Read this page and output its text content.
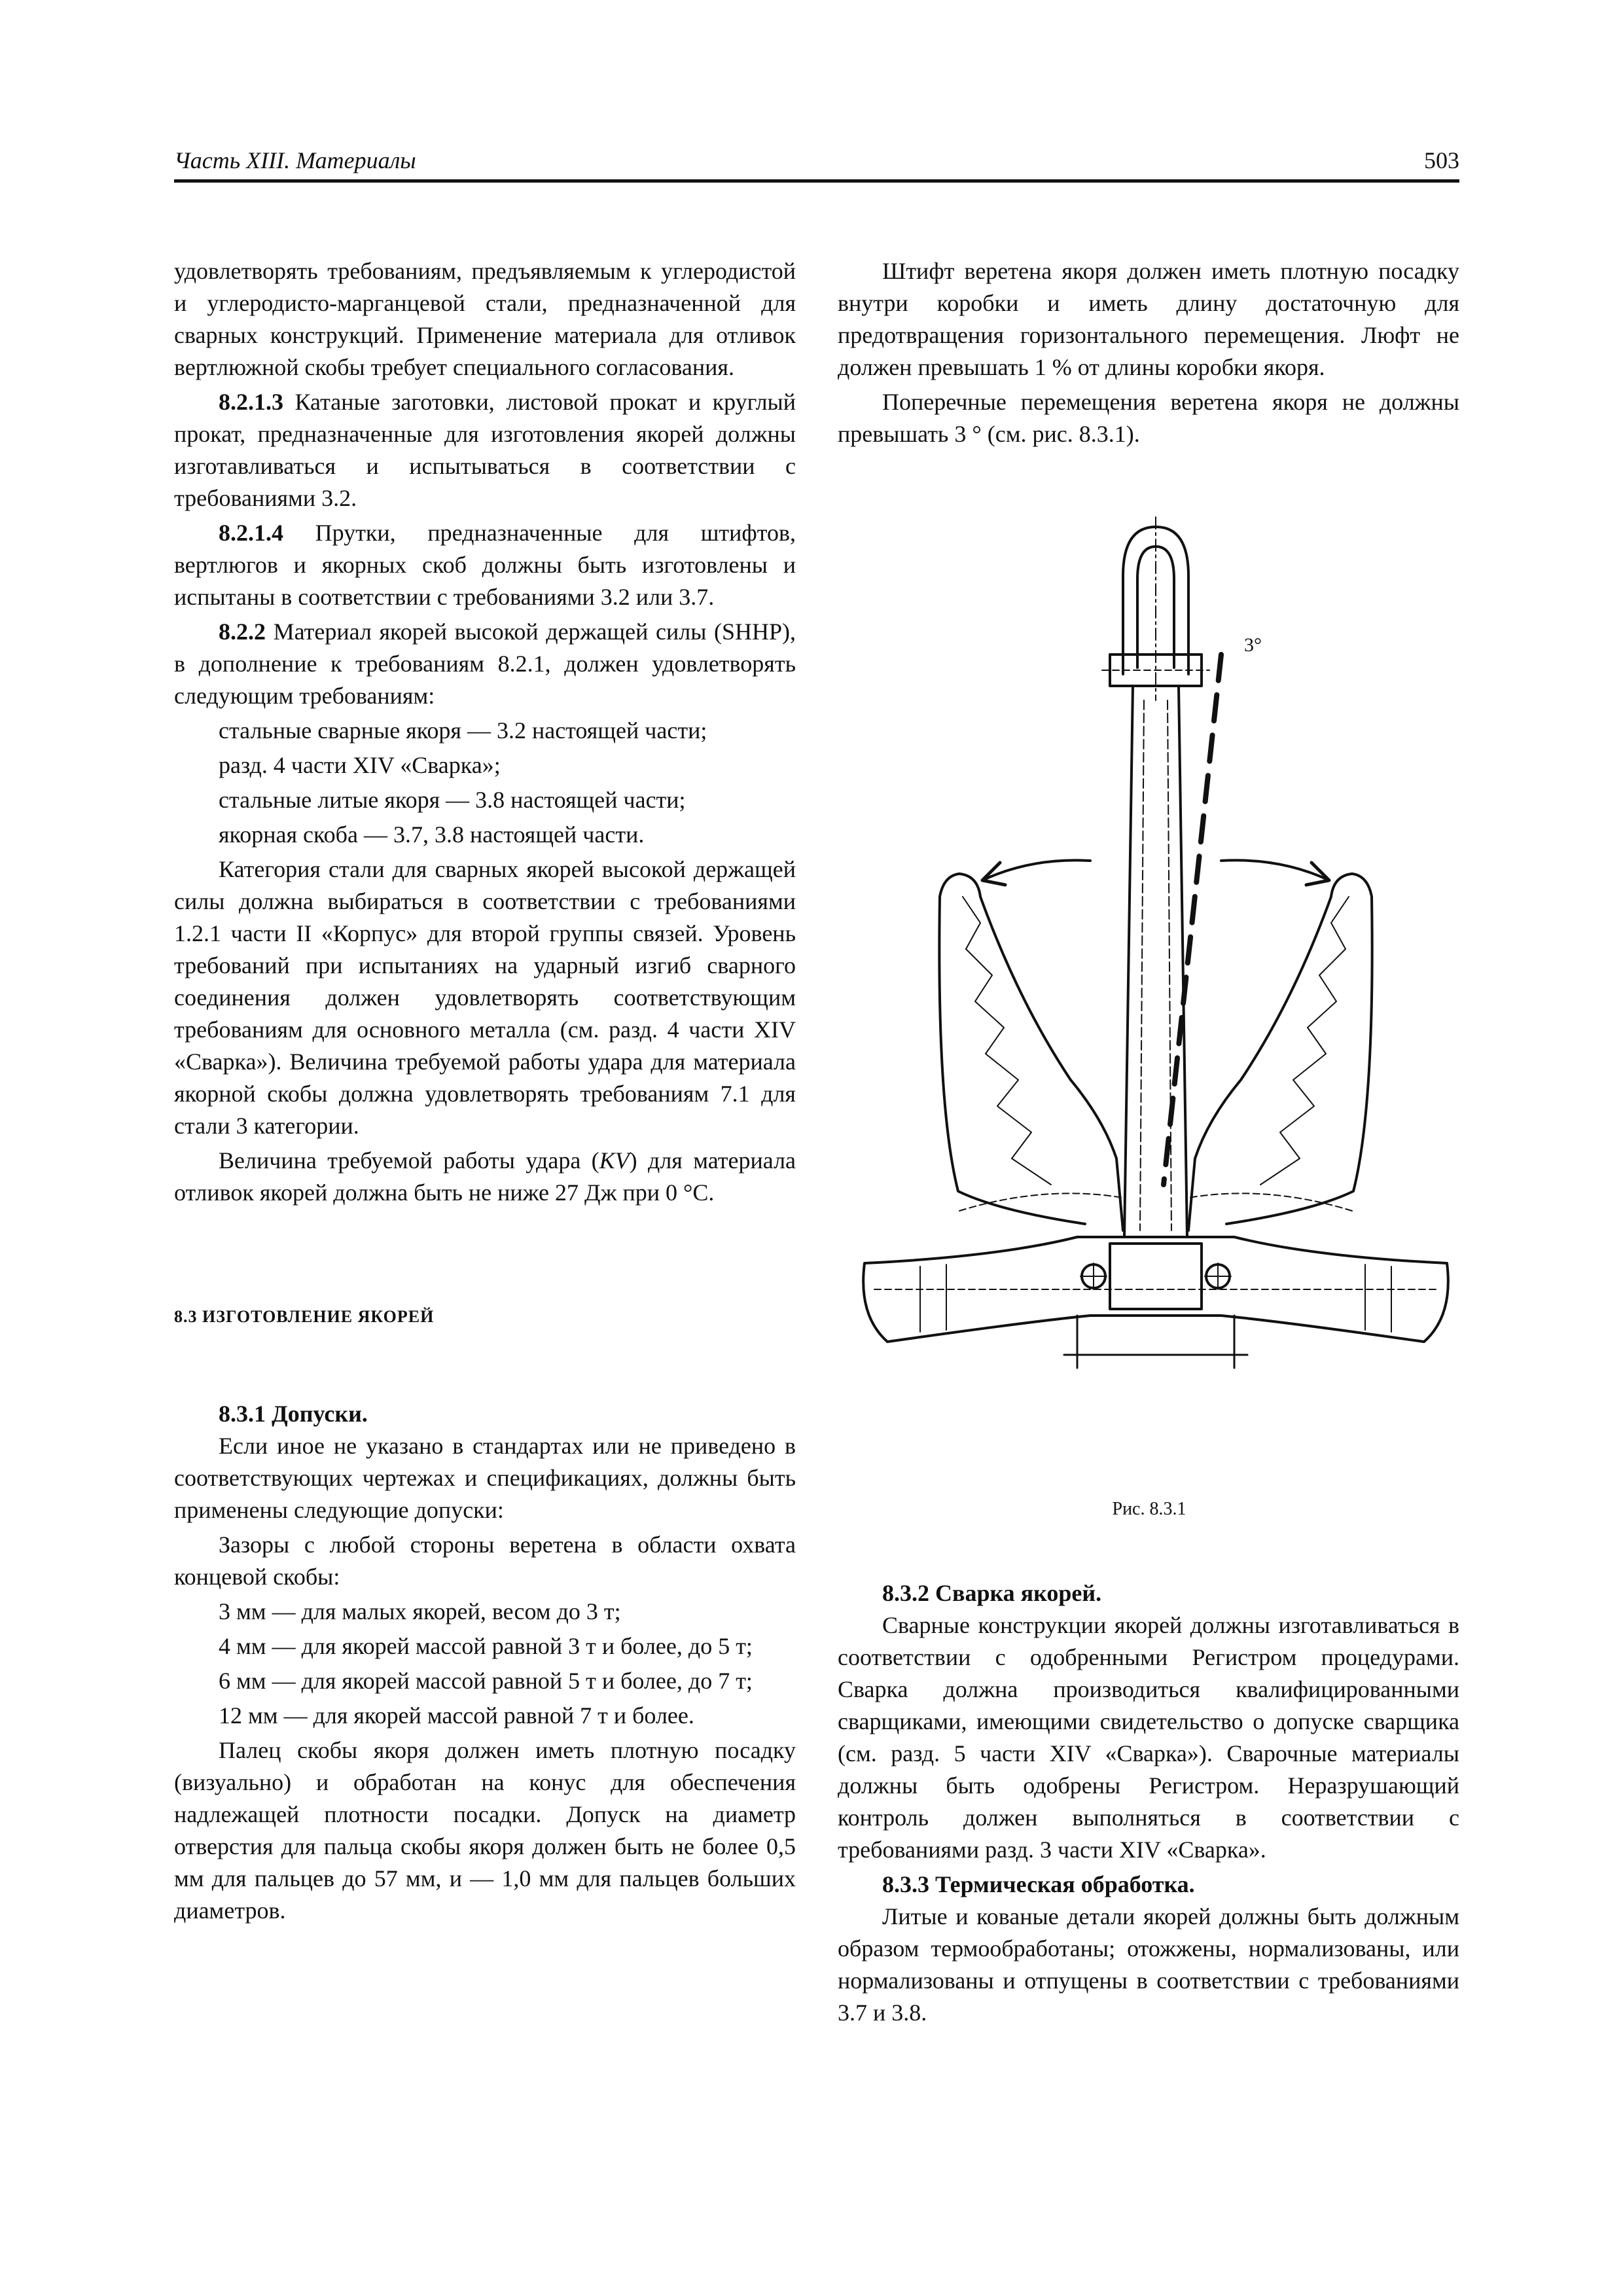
Часть XIII. Материалы	503

удовлетворять требованиям, предъявляемым к углеродистой и углеродисто-марганцевой стали, предназначенной для сварных конструкций. Применение материала для отливок вертлюжной скобы требует специального согласования.

8.2.1.3 Катаные заготовки, листовой прокат и круглый прокат, предназначенные для изготовления якорей должны изготавливаться и испытываться в соответствии с требованиями 3.2.

8.2.1.4 Прутки, предназначенные для штифтов, вертлюгов и якорных скоб должны быть изготовлены и испытаны в соответствии с требованиями 3.2 или 3.7.

8.2.2 Материал якорей высокой держащей силы (SHHP), в дополнение к требованиям 8.2.1, должен удовлетворять следующим требованиям:

стальные сварные якоря — 3.2 настоящей части;

разд. 4 части XIV «Сварка»;

стальные литые якоря — 3.8 настоящей части;

якорная скоба — 3.7, 3.8 настоящей части.

Категория стали для сварных якорей высокой держащей силы должна выбираться в соответствии с требованиями 1.2.1 части II «Корпус» для второй группы связей. Уровень требований при испытаниях на ударный изгиб сварного соединения должен удовлетворять соответствующим требованиям для основного металла (см. разд. 4 части XIV «Сварка»). Величина требуемой работы удара для материала якорной скобы должна удовлетворять требованиям 7.1 для стали 3 категории.

Величина требуемой работы удара (KV) для материала отливок якорей должна быть не ниже 27 Дж при 0 °С.

8.3 ИЗГОТОВЛЕНИЕ ЯКОРЕЙ

8.3.1 Допуски.

Если иное не указано в стандартах или не приведено в соответствующих чертежах и спецификациях, должны быть применены следующие допуски:

Зазоры с любой стороны веретена в области охвата концевой скобы:

3 мм — для малых якорей, весом до 3 т;

4 мм — для якорей массой равной 3 т и более, до 5 т;

6 мм — для якорей массой равной 5 т и более, до 7 т;

12 мм — для якорей массой равной 7 т и более.

Палец скобы якоря должен иметь плотную посадку (визуально) и обработан на конус для обеспечения надлежащей плотности посадки. Допуск на диаметр отверстия для пальца скобы якоря должен быть не более 0,5 мм для пальцев до 57 мм, и — 1,0 мм для пальцев больших диаметров.

Штифт веретена якоря должен иметь плотную посадку внутри коробки и иметь длину достаточную для предотвращения горизонтального перемещения. Люфт не должен превышать 1 % от длины коробки якоря.

Поперечные перемещения веретена якоря не должны превышать 3 ° (см. рис. 8.3.1).

3°
Рис. 8.3.1

8.3.2 Сварка якорей.

Сварные конструкции якорей должны изготавливаться в соответствии с одобренными Регистром процедурами. Сварка должна производиться квалифицированными сварщиками, имеющими свидетельство о допуске сварщика (см. разд. 5 части XIV «Сварка»). Сварочные материалы должны быть одобрены Регистром. Неразрушающий контроль должен выполняться в соответствии с требованиями разд. 3 части XIV «Сварка».

8.3.3 Термическая обработка.

Литые и кованые детали якорей должны быть должным образом термообработаны; отожжены, нормализованы, или нормализованы и отпущены в соответствии с требованиями 3.7 и 3.8.
